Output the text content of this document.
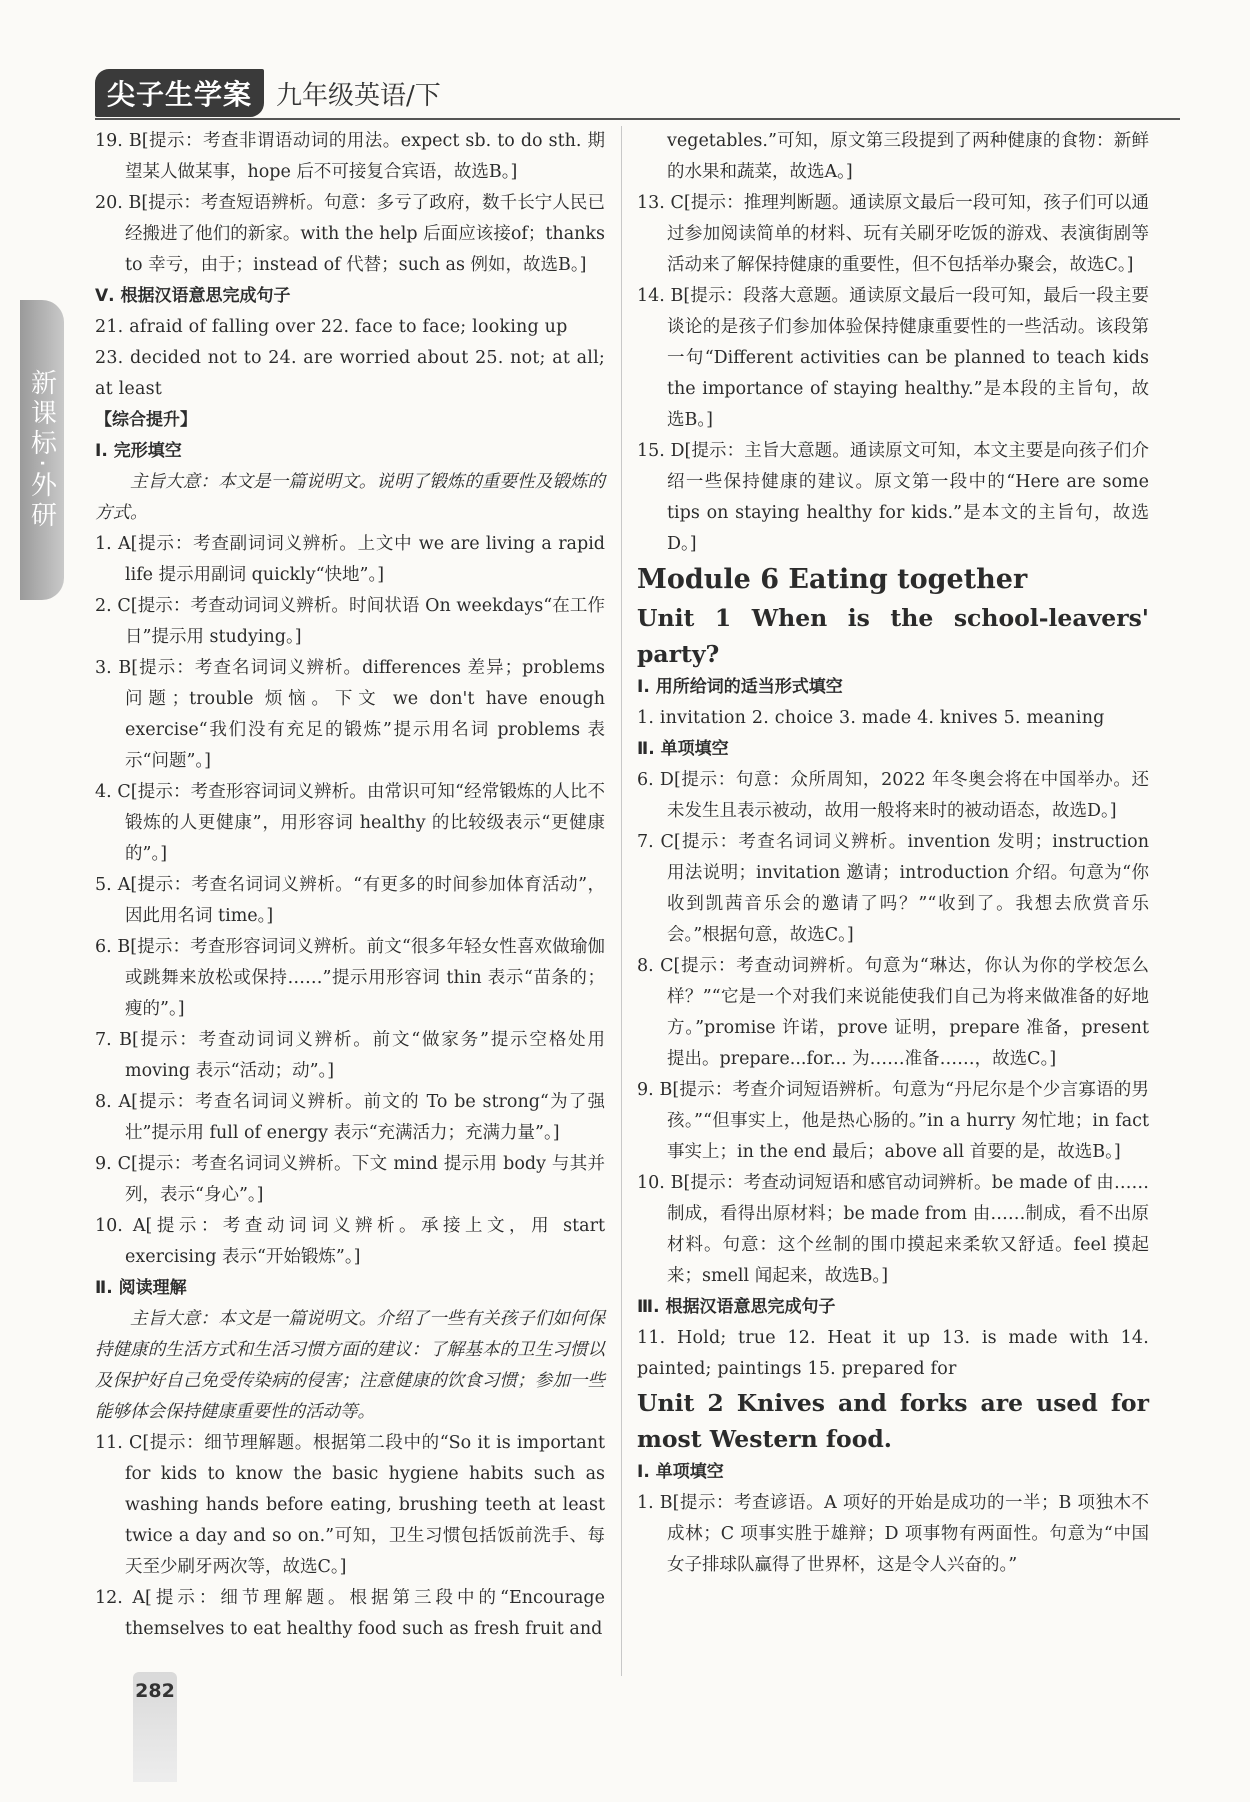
尖子生学案 九年级英语/下
新课标·外研

19. B[提示：考查非谓语动词的用法。expect sb. to do sth. 期望某人做某事，hope 后不可接复合宾语，故选B。]

20. B[提示：考查短语辨析。句意：多亏了政府，数千长宁人民已经搬进了他们的新家。with the help 后面应该接of；thanks to 幸亏，由于；instead of 代替；such as 例如，故选B。]

Ⅴ. 根据汉语意思完成句子

21. afraid of falling over 22. face to face; looking up

23. decided not to 24. are worried about 25. not; at all; at least

【综合提升】

Ⅰ. 完形填空

主旨大意：本文是一篇说明文。说明了锻炼的重要性及锻炼的方式。

1. A[提示：考查副词词义辨析。上文中 we are living a rapid life 提示用副词 quickly“快地”。]

2. C[提示：考查动词词义辨析。时间状语 On weekdays“在工作日”提示用 studying。]

3. B[提示：考查名词词义辨析。differences 差异；problems 问题；trouble 烦恼。下文 we don't have enough exercise“我们没有充足的锻炼”提示用名词 problems 表示“问题”。]

4. C[提示：考查形容词词义辨析。由常识可知“经常锻炼的人比不锻炼的人更健康”，用形容词 healthy 的比较级表示“更健康的”。]

5. A[提示：考查名词词义辨析。“有更多的时间参加体育活动”，因此用名词 time。]

6. B[提示：考查形容词词义辨析。前文“很多年轻女性喜欢做瑜伽或跳舞来放松或保持……”提示用形容词 thin 表示“苗条的；瘦的”。]

7. B[提示：考查动词词义辨析。前文“做家务”提示空格处用 moving 表示“活动；动”。]

8. A[提示：考查名词词义辨析。前文的 To be strong“为了强壮”提示用 full of energy 表示“充满活力；充满力量”。]

9. C[提示：考查名词词义辨析。下文 mind 提示用 body 与其并列，表示“身心”。]

10. A[提示：考查动词词义辨析。承接上文，用 start exercising 表示“开始锻炼”。]

Ⅱ. 阅读理解

主旨大意：本文是一篇说明文。介绍了一些有关孩子们如何保持健康的生活方式和生活习惯方面的建议：了解基本的卫生习惯以及保护好自己免受传染病的侵害；注意健康的饮食习惯；参加一些能够体会保持健康重要性的活动等。

11. C[提示：细节理解题。根据第二段中的“So it is important for kids to know the basic hygiene habits such as washing hands before eating, brushing teeth at least twice a day and so on.”可知，卫生习惯包括饭前洗手、每天至少刷牙两次等，故选C。]

12. A[提示：细节理解题。根据第三段中的“Encourage themselves to eat healthy food such as fresh fruit and

vegetables.”可知，原文第三段提到了两种健康的食物：新鲜的水果和蔬菜，故选A。]

13. C[提示：推理判断题。通读原文最后一段可知，孩子们可以通过参加阅读简单的材料、玩有关刷牙吃饭的游戏、表演街剧等活动来了解保持健康的重要性，但不包括举办聚会，故选C。]

14. B[提示：段落大意题。通读原文最后一段可知，最后一段主要谈论的是孩子们参加体验保持健康重要性的一些活动。该段第一句“Different activities can be planned to teach kids the importance of staying healthy.”是本段的主旨句，故选B。]

15. D[提示：主旨大意题。通读原文可知，本文主要是向孩子们介绍一些保持健康的建议。原文第一段中的“Here are some tips on staying healthy for kids.”是本文的主旨句，故选D。]

Module 6 Eating together

Unit 1 When is the school-leavers' party?

Ⅰ. 用所给词的适当形式填空

1. invitation 2. choice 3. made 4. knives 5. meaning

Ⅱ. 单项填空

6. D[提示：句意：众所周知，2022 年冬奥会将在中国举办。还未发生且表示被动，故用一般将来时的被动语态，故选D。]

7. C[提示：考查名词词义辨析。invention 发明；instruction 用法说明；invitation 邀请；introduction 介绍。句意为“你收到凯茜音乐会的邀请了吗？”“收到了。我想去欣赏音乐会。”根据句意，故选C。]

8. C[提示：考查动词辨析。句意为“琳达，你认为你的学校怎么样？”“它是一个对我们来说能使我们自己为将来做准备的好地方。”promise 许诺，prove 证明，prepare 准备，present 提出。prepare...for... 为……准备……，故选C。]

9. B[提示：考查介词短语辨析。句意为“丹尼尔是个少言寡语的男孩。”“但事实上，他是热心肠的。”in a hurry 匆忙地；in fact 事实上；in the end 最后；above all 首要的是，故选B。]

10. B[提示：考查动词短语和感官动词辨析。be made of 由……制成，看得出原材料；be made from 由……制成，看不出原材料。句意：这个丝制的围巾摸起来柔软又舒适。feel 摸起来；smell 闻起来，故选B。]

Ⅲ. 根据汉语意思完成句子

11. Hold; true 12. Heat it up 13. is made with 14. painted; paintings 15. prepared for

Unit 2 Knives and forks are used for most Western food.

Ⅰ. 单项填空

1. B[提示：考查谚语。A 项好的开始是成功的一半；B 项独木不成林；C 项事实胜于雄辩；D 项事物有两面性。句意为“中国女子排球队赢得了世界杯，这是令人兴奋的。”

282
